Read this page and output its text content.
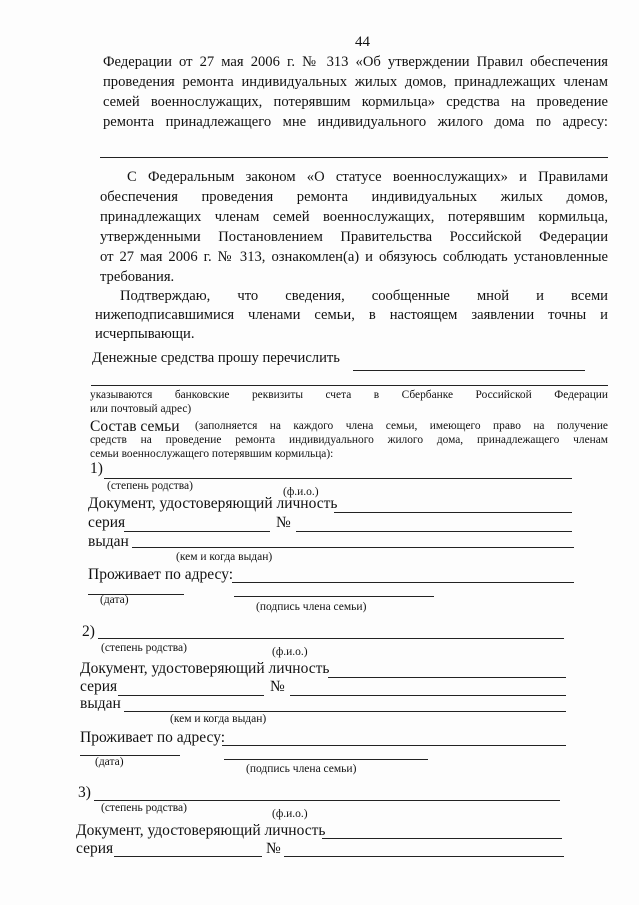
44
Федерации от 27 мая 2006 г. № 313 «Об утверждении Правил обеспечения
проведения ремонта индивидуальных жилых домов, принадлежащих членам
семей военнослужащих, потерявшим кормильца» средства на проведение
ремонта принадлежащего мне индивидуального жилого дома по адресу:
С Федеральным законом «О статусе военнослужащих» и Правилами
обеспечения проведения ремонта индивидуальных жилых домов,
принадлежащих членам семей военнослужащих, потерявшим кормильца,
утвержденными Постановлением Правительства Российской Федерации
от 27 мая 2006 г. № 313, ознакомлен(а) и обязуюсь соблюдать установленные
требования.
Подтверждаю, что сведения, сообщенные мной и всеми
нижеподписавшимися членами семьи, в настоящем заявлении точны и
исчерпывающи.
Денежные средства прошу перечислить
указываются банковские реквизиты счета в Сбербанке Российской Федерации
или почтовый адрес)
Состав семьи (заполняется на каждого члена семьи, имеющего право на получение
средств на проведение ремонта индивидуального жилого дома, принадлежащего членам
семьи военнослужащего потерявшим кормильца):
1)
(степень родства)	(ф.и.о.)
Документ, удостоверяющий личность
серия	№
выдан
(кем и когда выдан)
Проживает по адресу:
(дата)
(подпись члена семьи)
2)
(степень родства)	(ф.и.о.)
Документ, удостоверяющий личность
серия	№
выдан
(кем и когда выдан)
Проживает по адресу:
(дата)
(подпись члена семьи)
3)
(степень родства)	(ф.и.о.)
Документ, удостоверяющий личность
серия	№
